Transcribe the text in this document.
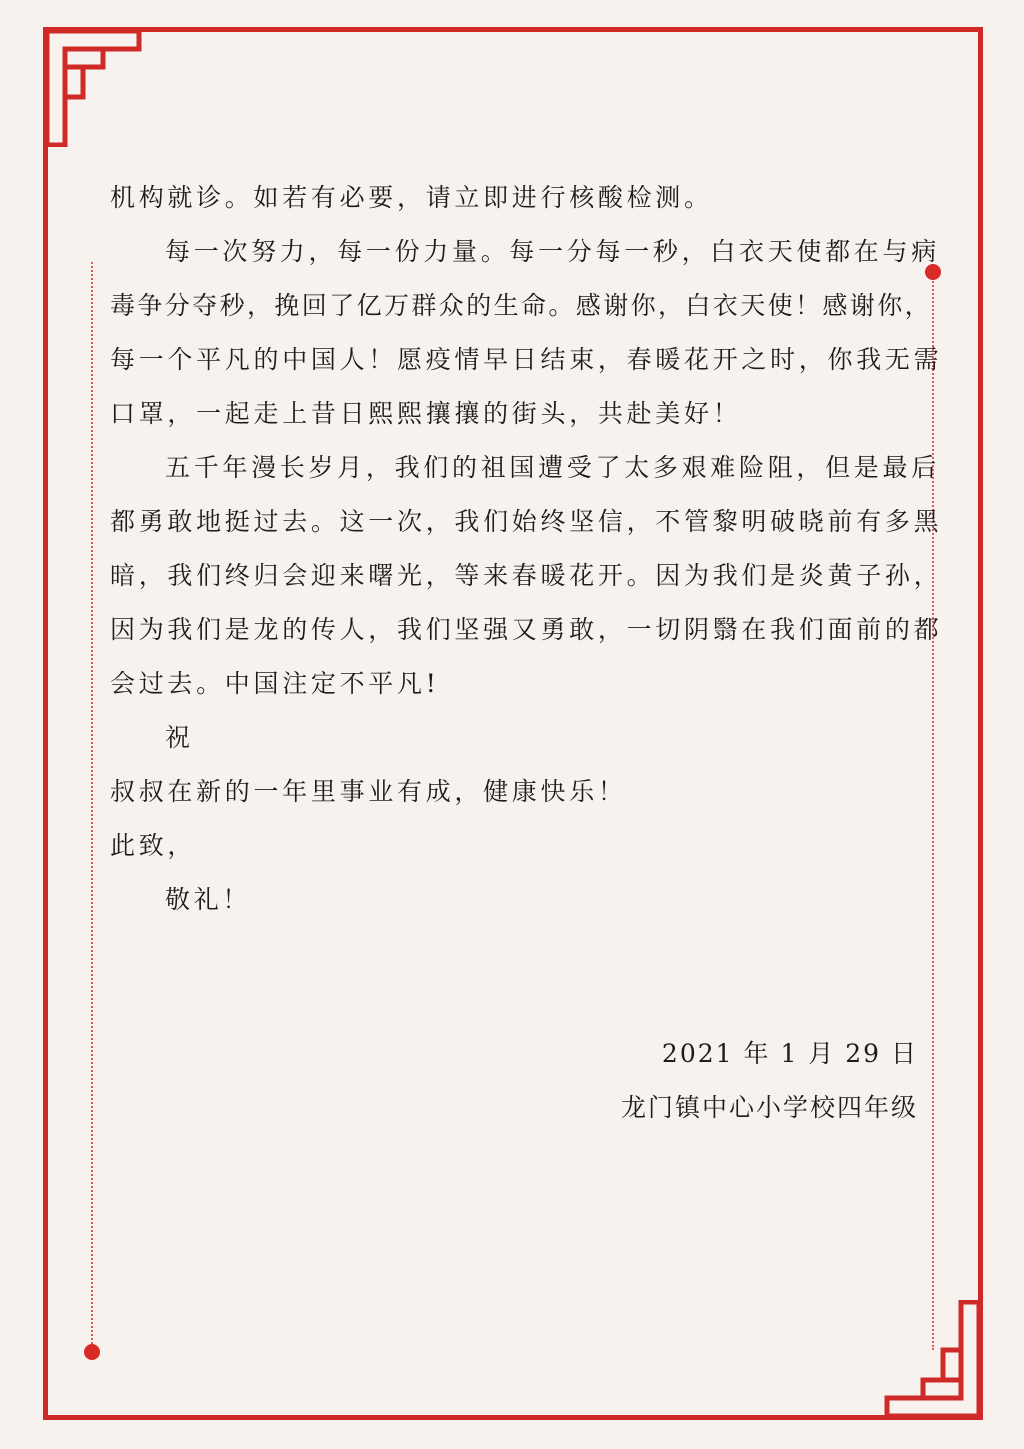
机构就诊。如若有必要，请立即进行核酸检测。
每一次努力，每一份力量。每一分每一秒，白衣天使都在与病
毒争分夺秒，挽回了亿万群众的生命。感谢你，白衣天使！感谢你，
每一个平凡的中国人！愿疫情早日结束，春暖花开之时，你我无需
口罩，一起走上昔日熙熙攘攘的街头，共赴美好！
五千年漫长岁月，我们的祖国遭受了太多艰难险阻，但是最后
都勇敢地挺过去。这一次，我们始终坚信，不管黎明破晓前有多黑
暗，我们终归会迎来曙光，等来春暖花开。因为我们是炎黄子孙，
因为我们是龙的传人，我们坚强又勇敢，一切阴翳在我们面前的都
会过去。中国注定不平凡!
祝
叔叔在新的一年里事业有成，健康快乐！
此致，
敬礼！
2021 年 1 月 29 日
龙门镇中心小学校四年级
